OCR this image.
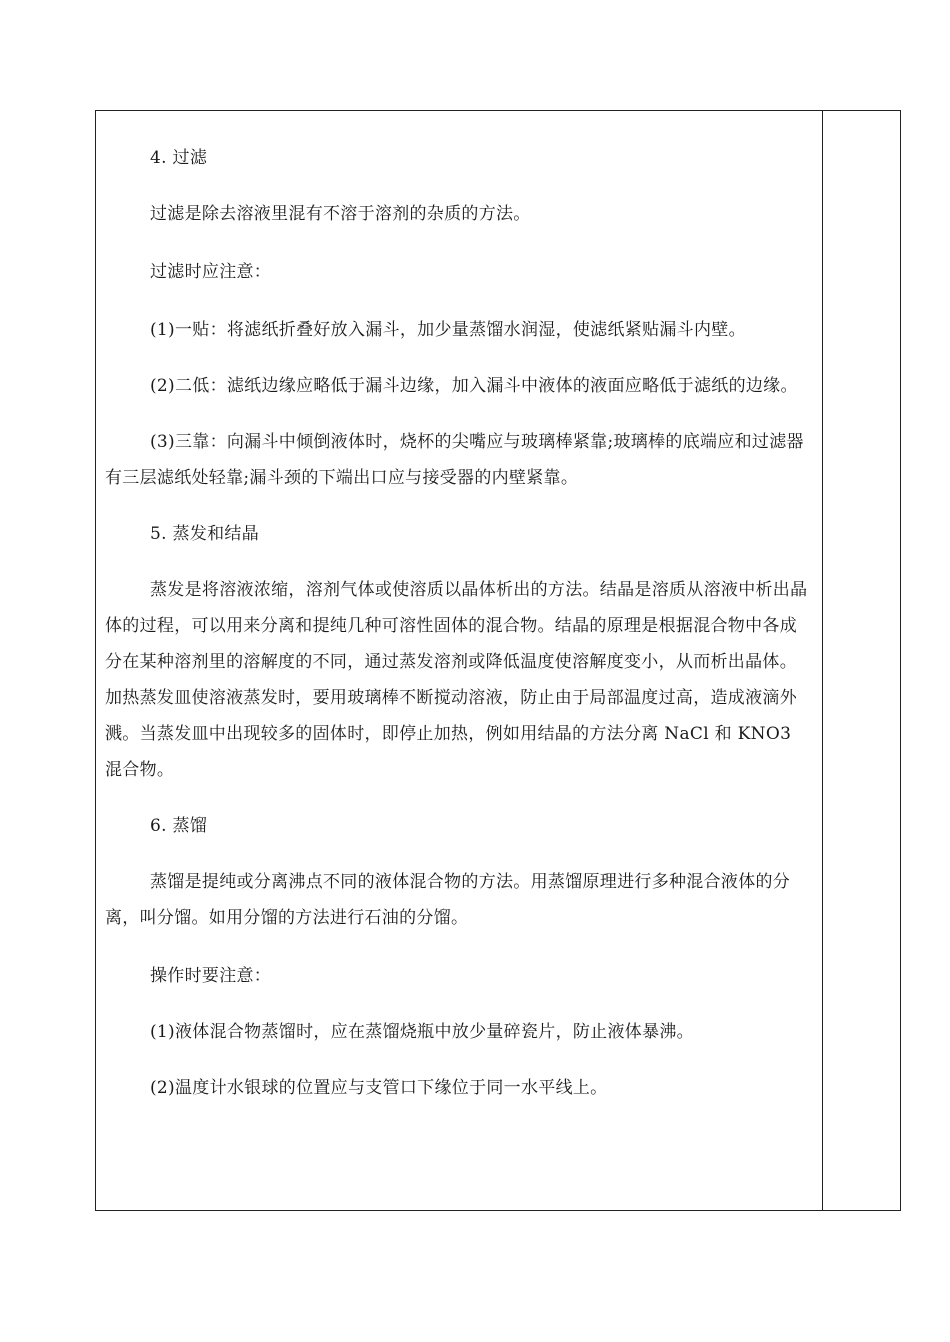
4. 过滤

过滤是除去溶液里混有不溶于溶剂的杂质的方法。

过滤时应注意：

(1)一贴：将滤纸折叠好放入漏斗，加少量蒸馏水润湿，使滤纸紧贴漏斗内壁。

(2)二低：滤纸边缘应略低于漏斗边缘，加入漏斗中液体的液面应略低于滤纸的边缘。

(3)三靠：向漏斗中倾倒液体时，烧杯的尖嘴应与玻璃棒紧靠;玻璃棒的底端应和过滤器有三层滤纸处轻靠;漏斗颈的下端出口应与接受器的内壁紧靠。

5. 蒸发和结晶

蒸发是将溶液浓缩，溶剂气体或使溶质以晶体析出的方法。结晶是溶质从溶液中析出晶体的过程，可以用来分离和提纯几种可溶性固体的混合物。结晶的原理是根据混合物中各成分在某种溶剂里的溶解度的不同，通过蒸发溶剂或降低温度使溶解度变小，从而析出晶体。加热蒸发皿使溶液蒸发时，要用玻璃棒不断搅动溶液，防止由于局部温度过高，造成液滴外溅。当蒸发皿中出现较多的固体时，即停止加热，例如用结晶的方法分离 NaCl 和 KNO3 混合物。

6. 蒸馏

蒸馏是提纯或分离沸点不同的液体混合物的方法。用蒸馏原理进行多种混合液体的分离，叫分馏。如用分馏的方法进行石油的分馏。

操作时要注意：

(1)液体混合物蒸馏时，应在蒸馏烧瓶中放少量碎瓷片，防止液体暴沸。

(2)温度计水银球的位置应与支管口下缘位于同一水平线上。
